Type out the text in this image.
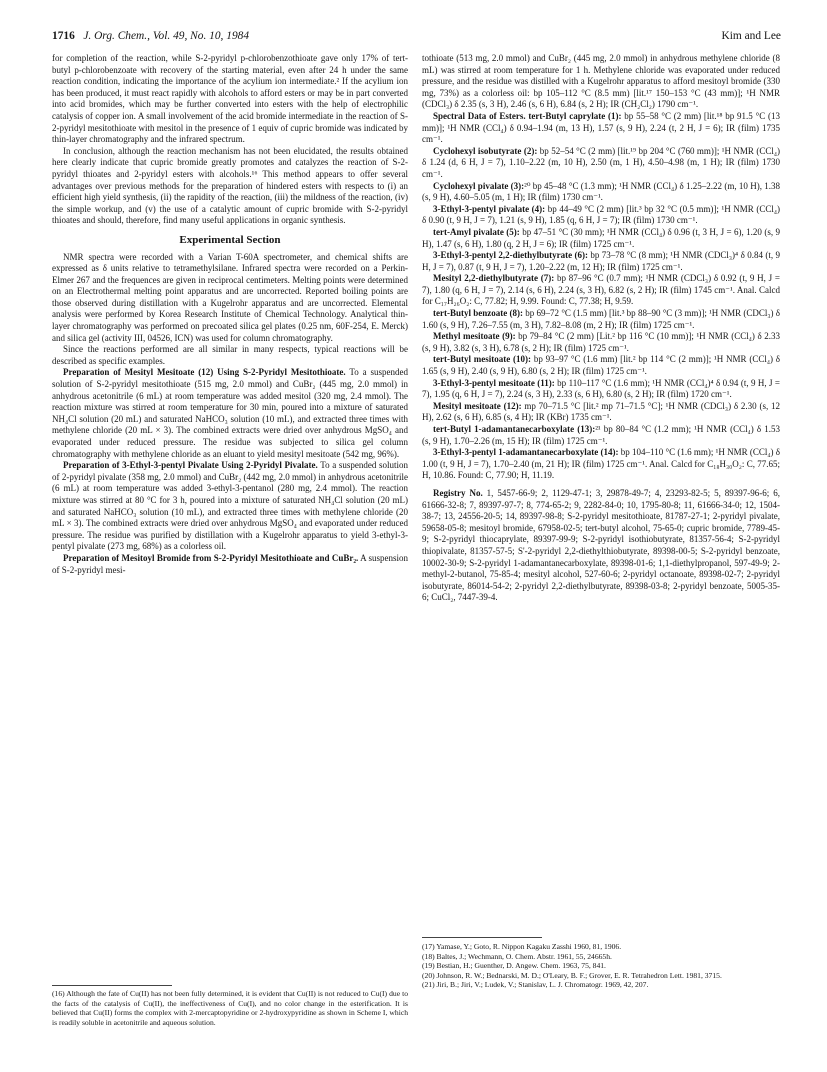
1716 J. Org. Chem., Vol. 49, No. 10, 1984	Kim and Lee

for completion of the reaction, while S-2-pyridyl p-chlorobenzothioate gave only 17% of tert-butyl p-chlorobenzoate with recovery of the starting material, even after 24 h under the same reaction condition, indicating the importance of the acylium ion intermediate.² If the acylium ion has been produced, it must react rapidly with alcohols to afford esters or may be in part converted into acid bromides, which may be further converted into esters with the help of electrophilic catalysis of copper ion. A small involvement of the acid bromide intermediate in the reaction of S-2-pyridyl mesitothioate with mesitol in the presence of 1 equiv of cupric bromide was indicated by thin-layer chromatography and the infrared spectrum.

In conclusion, although the reaction mechanism has not been elucidated, the results obtained here clearly indicate that cupric bromide greatly promotes and catalyzes the reaction of S-2-pyridyl thioates and 2-pyridyl esters with alcohols.¹⁶ This method appears to offer several advantages over previous methods for the preparation of hindered esters with respects to (i) an efficient high yield synthesis, (ii) the rapidity of the reaction, (iii) the mildness of the reaction, (iv) the simple workup, and (v) the use of a catalytic amount of cupric bromide with S-2-pyridyl thioates and should, therefore, find many useful applications in organic synthesis.

Experimental Section

NMR spectra were recorded with a Varian T-60A spectrometer, and chemical shifts are expressed as δ units relative to tetramethylsilane. Infrared spectra were recorded on a Perkin-Elmer 267 and the frequences are given in reciprocal centimeters. Melting points were determined on an Electrothermal melting point apparatus and are uncorrected. Reported boiling points are those observed during distillation with a Kugelrohr apparatus and are uncorrected. Elemental analysis were performed by Korea Research Institute of Chemical Technology. Analytical thin-layer chromatography was performed on precoated silica gel plates (0.25 nm, 60F-254, E. Merck) and silica gel (activity III, 04526, ICN) was used for column chromatography.

Since the reactions performed are all similar in many respects, typical reactions will be described as specific examples.

Preparation of Mesityl Mesitoate (12) Using S-2-Pyridyl Mesitothioate. To a suspended solution of S-2-pyridyl mesitothioate (515 mg, 2.0 mmol) and CuBr₂ (445 mg, 2.0 mmol) in anhydrous acetonitrile (6 mL) at room temperature was added mesitol (320 mg, 2.4 mmol). The reaction mixture was stirred at room temperature for 30 min, poured into a mixture of saturated NH₄Cl solution (20 mL) and saturated NaHCO₃ solution (10 mL), and extracted three times with methylene chloride (20 mL × 3). The combined extracts were dried over anhydrous MgSO₄ and evaporated under reduced pressure. The residue was subjected to silica gel column chromatography with methylene chloride as an eluant to yield mesityl mesitoate (542 mg, 96%).

Preparation of 3-Ethyl-3-pentyl Pivalate Using 2-Pyridyl Pivalate. To a suspended solution of 2-pyridyl pivalate (358 mg, 2.0 mmol) and CuBr₂ (442 mg, 2.0 mmol) in anhydrous acetonitrile (6 mL) at room temperature was added 3-ethyl-3-pentanol (280 mg, 2.4 mmol). The reaction mixture was stirred at 80 °C for 3 h, poured into a mixture of saturated NH₄Cl solution (20 mL) and saturated NaHCO₃ solution (10 mL), and extracted three times with methylene chloride (20 mL × 3). The combined extracts were dried over anhydrous MgSO₄ and evaporated under reduced pressure. The residue was purified by distillation with a Kugelrohr apparatus to yield 3-ethyl-3-pentyl pivalate (273 mg, 68%) as a colorless oil.

Preparation of Mesitoyl Bromide from S-2-Pyridyl Mesitothioate and CuBr₂. A suspension of S-2-pyridyl mesi-

tothioate (513 mg, 2.0 mmol) and CuBr₂ (445 mg, 2.0 mmol) in anhydrous methylene chloride (8 mL) was stirred at room temperature for 1 h. Methylene chloride was evaporated under reduced pressure, and the residue was distilled with a Kugelrohr apparatus to afford mesitoyl bromide (330 mg, 73%) as a colorless oil: bp 105–112 °C (8.5 mm) [lit.¹⁷ 150–153 °C (43 mm)]; ¹H NMR (CDCl₃) δ 2.35 (s, 3 H), 2.46 (s, 6 H), 6.84 (s, 2 H); IR (CH₂Cl₂) 1790 cm⁻¹.

Spectral Data of Esters. tert-Butyl caprylate (1): bp 55–58 °C (2 mm) [lit.¹⁸ bp 91.5 °C (13 mm)]; ¹H NMR (CCl₄) δ 0.94–1.94 (m, 13 H), 1.57 (s, 9 H), 2.24 (t, 2 H, J = 6); IR (film) 1735 cm⁻¹.

Cyclohexyl isobutyrate (2): bp 52–54 °C (2 mm) [lit.¹⁹ bp 204 °C (760 mm)]; ¹H NMR (CCl₄) δ 1.24 (d, 6 H, J = 7), 1.10–2.22 (m, 10 H), 2.50 (m, 1 H), 4.50–4.98 (m, 1 H); IR (film) 1730 cm⁻¹.

Cyclohexyl pivalate (3):²⁰ bp 45–48 °C (1.3 mm); ¹H NMR (CCl₄) δ 1.25–2.22 (m, 10 H), 1.38 (s, 9 H), 4.60–5.05 (m, 1 H); IR (film) 1730 cm⁻¹.

3-Ethyl-3-pentyl pivalate (4): bp 44–49 °C (2 mm) [lit.³ bp 32 °C (0.5 mm)]; ¹H NMR (CCl₄) δ 0.90 (t, 9 H, J = 7), 1.21 (s, 9 H), 1.85 (q, 6 H, J = 7); IR (film) 1730 cm⁻¹.

tert-Amyl pivalate (5): bp 47–51 °C (30 mm); ¹H NMR (CCl₄) δ 0.96 (t, 3 H, J = 6), 1.20 (s, 9 H), 1.47 (s, 6 H), 1.80 (q, 2 H, J = 6); IR (film) 1725 cm⁻¹.

3-Ethyl-3-pentyl 2,2-diethylbutyrate (6): bp 73–78 °C (8 mm); ¹H NMR (CDCl₃)⁴ δ 0.84 (t, 9 H, J = 7), 0.87 (t, 9 H, J = 7), 1.20–2.22 (m, 12 H); IR (film) 1725 cm⁻¹.

Mesityl 2,2-diethylbutyrate (7): bp 87–96 °C (0.7 mm); ¹H NMR (CDCl₃) δ 0.92 (t, 9 H, J = 7), 1.80 (q, 6 H, J = 7), 2.14 (s, 6 H), 2.24 (s, 3 H), 6.82 (s, 2 H); IR (film) 1745 cm⁻¹. Anal. Calcd for C₁₇H₂₆O₂: C, 77.82; H, 9.99. Found: C, 77.38; H, 9.59.

tert-Butyl benzoate (8): bp 69–72 °C (1.5 mm) [lit.³ bp 88–90 °C (3 mm)]; ¹H NMR (CDCl₃) δ 1.60 (s, 9 H), 7.26–7.55 (m, 3 H), 7.82–8.08 (m, 2 H); IR (film) 1725 cm⁻¹.

Methyl mesitoate (9): bp 79–84 °C (2 mm) [Lit.² bp 116 °C (10 mm)]; ¹H NMR (CCl₄) δ 2.33 (s, 9 H), 3.82 (s, 3 H), 6.78 (s, 2 H); IR (film) 1725 cm⁻¹.

tert-Butyl mesitoate (10): bp 93–97 °C (1.6 mm) [lit.² bp 114 °C (2 mm)]; ¹H NMR (CCl₄) δ 1.65 (s, 9 H), 2.40 (s, 9 H), 6.80 (s, 2 H); IR (film) 1725 cm⁻¹.

3-Ethyl-3-pentyl mesitoate (11): bp 110–117 °C (1.6 mm); ¹H NMR (CCl₄)⁴ δ 0.94 (t, 9 H, J = 7), 1.95 (q, 6 H, J = 7), 2.24 (s, 3 H), 2.33 (s, 6 H), 6.80 (s, 2 H); IR (film) 1720 cm⁻¹.

Mesityl mesitoate (12): mp 70–71.5 °C [lit.² mp 71–71.5 °C]; ¹H NMR (CDCl₃) δ 2.30 (s, 12 H), 2.62 (s, 6 H), 6.85 (s, 4 H); IR (KBr) 1735 cm⁻¹.

tert-Butyl 1-adamantanecarboxylate (13):²¹ bp 80–84 °C (1.2 mm); ¹H NMR (CCl₄) δ 1.53 (s, 9 H), 1.70–2.26 (m, 15 H); IR (film) 1725 cm⁻¹.

3-Ethyl-3-pentyl 1-adamantanecarboxylate (14): bp 104–110 °C (1.6 mm); ¹H NMR (CCl₄) δ 1.00 (t, 9 H, J = 7), 1.70–2.40 (m, 21 H); IR (film) 1725 cm⁻¹. Anal. Calcd for C₁₈H₃₀O₂: C, 77.65; H, 10.86. Found: C, 77.90; H, 11.19.

Registry No. 1, 5457-66-9; 2, 1129-47-1; 3, 29878-49-7; 4, 23293-82-5; 5, 89397-96-6; 6, 61666-32-8; 7, 89397-97-7; 8, 774-65-2; 9, 2282-84-0; 10, 1795-80-8; 11, 61666-34-0; 12, 1504-38-7; 13, 24556-20-5; 14, 89397-98-8; S-2-pyridyl mesitothioate, 81787-27-1; 2-pyridyl pivalate, 59658-05-8; mesitoyl bromide, 67958-02-5; tert-butyl alcohol, 75-65-0; cupric bromide, 7789-45-9; S-2-pyridyl thiocaprylate, 89397-99-9; S-2-pyridyl isothiobutyrate, 81357-56-4; S-2-pyridyl thiopivalate, 81357-57-5; S'-2-pyridyl 2,2-diethylthiobutyrate, 89398-00-5; S-2-pyridyl benzoate, 10002-30-9; S-2-pyridyl 1-adamantanecarboxylate, 89398-01-6; 1,1-diethylpropanol, 597-49-9; 2-methyl-2-butanol, 75-85-4; mesityl alcohol, 527-60-6; 2-pyridyl octanoate, 89398-02-7; 2-pyridyl isobutyrate, 86014-54-2; 2-pyridyl 2,2-diethylbutyrate, 89398-03-8; 2-pyridyl benzoate, 5005-35-6; CuCl₂, 7447-39-4.

(16) Although the fate of Cu(II) has not been fully determined, it is evident that Cu(II) is not reduced to Cu(I) due to the facts of the catalysis of Cu(II), the ineffectiveness of Cu(I), and no color change in the esterification. It is believed that Cu(II) forms the complex with 2-mercaptopyridine or 2-hydroxypyridine as shown in Scheme I, which is readily soluble in acetonitrile and aqueous solution.

(17) Yamase, Y.; Goto, R. Nippon Kagaku Zasshi 1960, 81, 1906.

(18) Baltes, J.; Wechmann, O. Chem. Abstr. 1961, 55, 24665h.

(19) Bestian, H.; Guenther, D. Angew. Chem. 1963, 75, 841.

(20) Johnson, R. W.; Bednarski, M. D.; O'Leary, B. F.; Grover, E. R. Tetrahedron Lett. 1981, 3715.

(21) Jiri, B.; Jiri, V.; Ludek, V.; Stanislav, L. J. Chromatogr. 1969, 42, 207.
